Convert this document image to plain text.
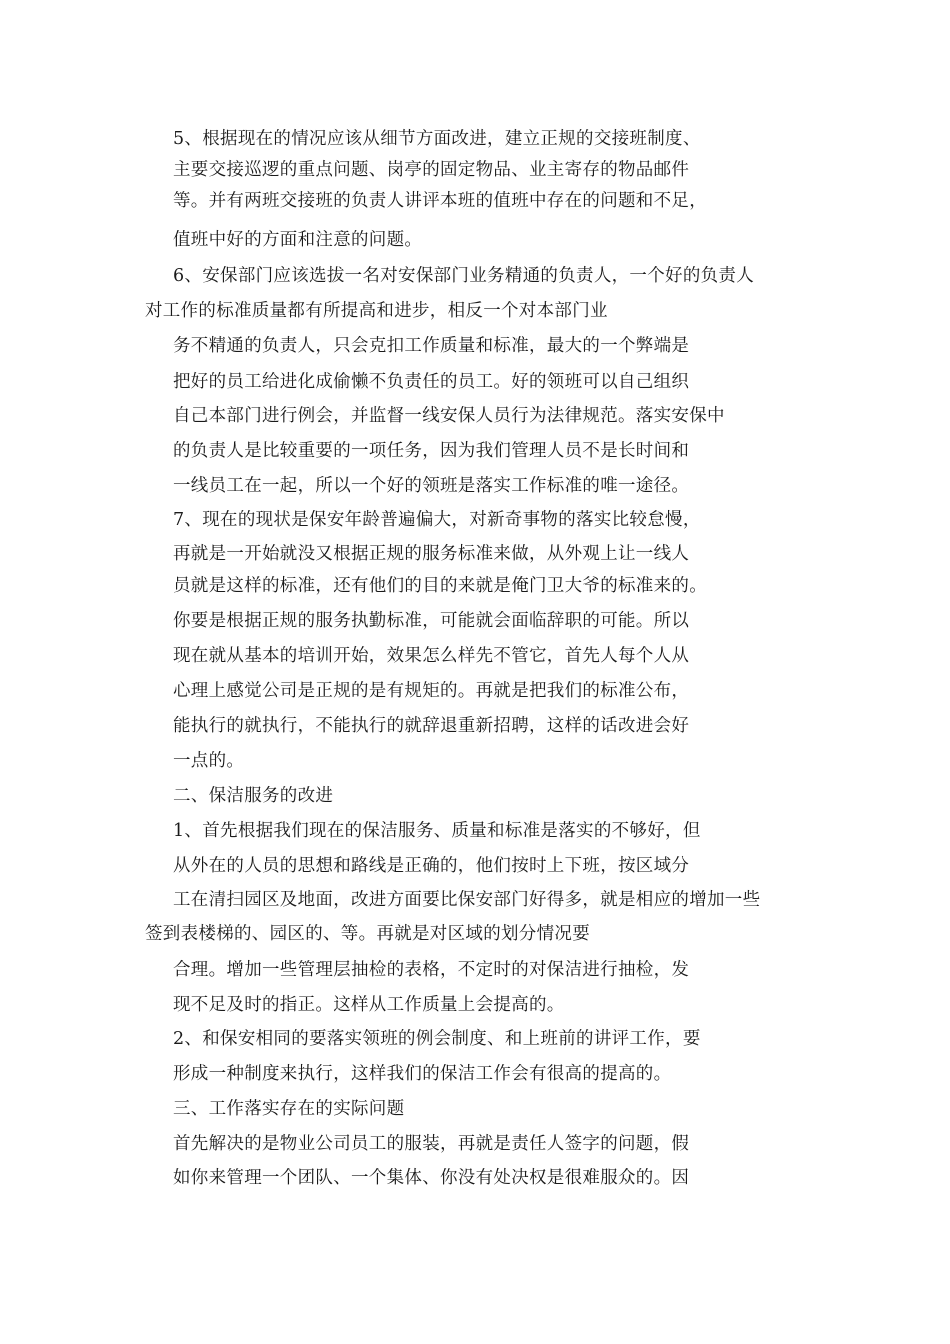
5、根据现在的情况应该从细节方面改进，建立正规的交接班制度、
主要交接巡逻的重点问题、岗亭的固定物品、业主寄存的物品邮件
等。并有两班交接班的负责人讲评本班的值班中存在的问题和不足，
值班中好的方面和注意的问题。
6、安保部门应该选拔一名对安保部门业务精通的负责人，一个好的负责人
对工作的标准质量都有所提高和进步，相反一个对本部门业
务不精通的负责人，只会克扣工作质量和标准，最大的一个弊端是
把好的员工给进化成偷懒不负责任的员工。好的领班可以自己组织
自己本部门进行例会，并监督一线安保人员行为法律规范。落实安保中
的负责人是比较重要的一项任务，因为我们管理人员不是长时间和
一线员工在一起，所以一个好的领班是落实工作标准的唯一途径。
7、现在的现状是保安年龄普遍偏大，对新奇事物的落实比较怠慢，
再就是一开始就没又根据正规的服务标准来做，从外观上让一线人
员就是这样的标准，还有他们的目的来就是俺门卫大爷的标准来的。
你要是根据正规的服务执勤标准，可能就会面临辞职的可能。所以
现在就从基本的培训开始，效果怎么样先不管它，首先人每个人从
心理上感觉公司是正规的是有规矩的。再就是把我们的标准公布，
能执行的就执行，不能执行的就辞退重新招聘，这样的话改进会好
一点的。
二、保洁服务的改进
1、首先根据我们现在的保洁服务、质量和标准是落实的不够好，但
从外在的人员的思想和路线是正确的，他们按时上下班，按区域分
工在清扫园区及地面，改进方面要比保安部门好得多，就是相应的增加一些
签到表楼梯的、园区的、等。再就是对区域的划分情况要
合理。增加一些管理层抽检的表格，不定时的对保洁进行抽检，发
现不足及时的指正。这样从工作质量上会提高的。
2、和保安相同的要落实领班的例会制度、和上班前的讲评工作，要
形成一种制度来执行，这样我们的保洁工作会有很高的提高的。
三、工作落实存在的实际问题
首先解决的是物业公司员工的服装，再就是责任人签字的问题，假
如你来管理一个团队、一个集体、你没有处决权是很难服众的。因
